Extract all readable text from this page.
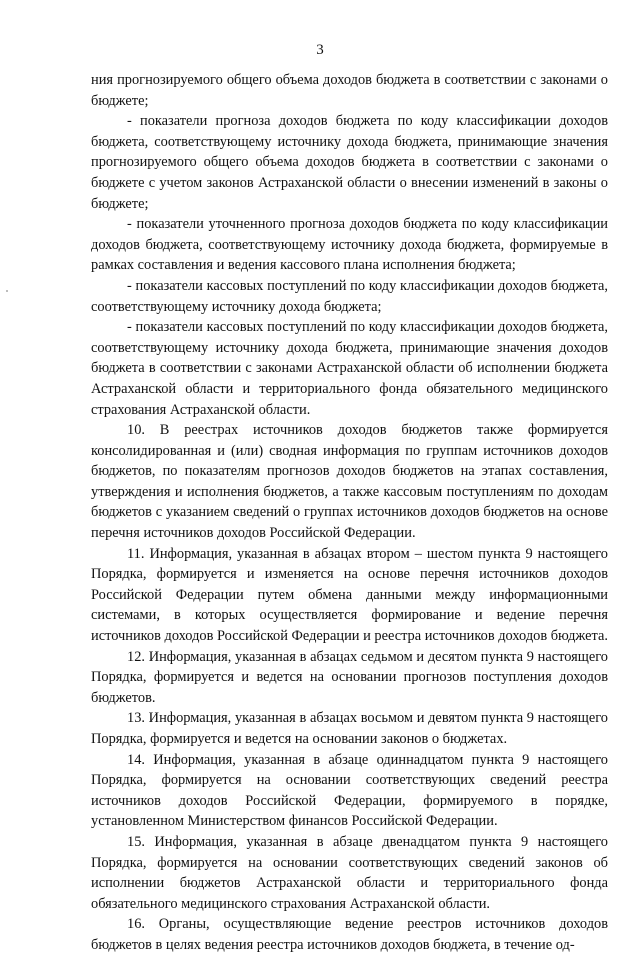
3

ния прогнозируемого общего объема доходов бюджета в соответствии с законами о бюджете;

- показатели прогноза доходов бюджета по коду классификации доходов бюджета, соответствующему источнику дохода бюджета, принимающие значения прогнозируемого общего объема доходов бюджета в соответствии с законами о бюджете с учетом законов Астраханской области о внесении изменений в законы о бюджете;

- показатели уточненного прогноза доходов бюджета по коду классификации доходов бюджета, соответствующему источнику дохода бюджета, формируемые в рамках составления и ведения кассового плана исполнения бюджета;

- показатели кассовых поступлений по коду классификации доходов бюджета, соответствующему источнику дохода бюджета;

- показатели кассовых поступлений по коду классификации доходов бюджета, соответствующему источнику дохода бюджета, принимающие значения доходов бюджета в соответствии с законами Астраханской области об исполнении бюджета Астраханской области и территориального фонда обязательного медицинского страхования Астраханской области.

10. В реестрах источников доходов бюджетов также формируется консолидированная и (или) сводная информация по группам источников доходов бюджетов, по показателям прогнозов доходов бюджетов на этапах составления, утверждения и исполнения бюджетов, а также кассовым поступлениям по доходам бюджетов с указанием сведений о группах источников доходов бюджетов на основе перечня источников доходов Российской Федерации.

11. Информация, указанная в абзацах втором – шестом пункта 9 настоящего Порядка, формируется и изменяется на основе перечня источников доходов Российской Федерации путем обмена данными между информационными системами, в которых осуществляется формирование и ведение перечня источников доходов Российской Федерации и реестра источников доходов бюджета.

12. Информация, указанная в абзацах седьмом и десятом пункта 9 настоящего Порядка, формируется и ведется на основании прогнозов поступления доходов бюджетов.

13. Информация, указанная в абзацах восьмом и девятом пункта 9 настоящего Порядка, формируется и ведется на основании законов о бюджетах.

14. Информация, указанная в абзаце одиннадцатом пункта 9 настоящего Порядка, формируется на основании соответствующих сведений реестра источников доходов Российской Федерации, формируемого в порядке, установленном Министерством финансов Российской Федерации.

15. Информация, указанная в абзаце двенадцатом пункта 9 настоящего Порядка, формируется на основании соответствующих сведений законов об исполнении бюджетов Астраханской области и территориального фонда обязательного медицинского страхования Астраханской области.

16. Органы, осуществляющие ведение реестров источников доходов бюджетов в целях ведения реестра источников доходов бюджета, в течение од-
